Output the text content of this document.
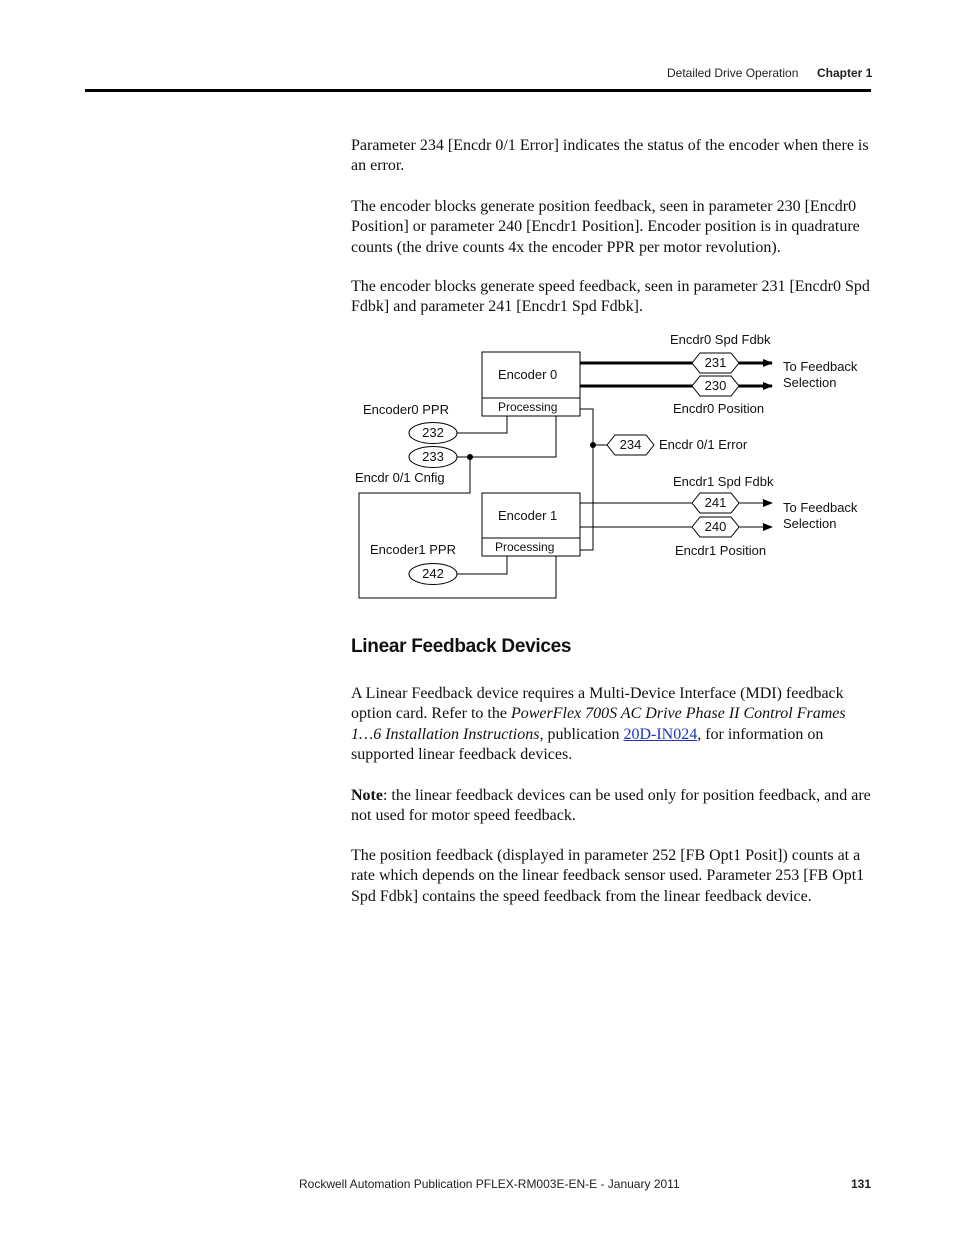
Detailed Drive Operation Chapter 1

Parameter 234 [Encdr 0/1 Error] indicates the status of the encoder when there is an error.

The encoder blocks generate position feedback, seen in parameter 230 [Encdr0 Position] or parameter 240 [Encdr1 Position]. Encoder position is in quadrature counts (the drive counts 4x the encoder PPR per motor revolution).

The encoder blocks generate speed feedback, seen in parameter 231 [Encdr0 Spd Fdbk] and parameter 241 [Encdr1 Spd Fdbk].

Encoder 0
Processing
Encoder 1
Processing
231
230
234
241
240
232
233
242
Encdr0 Spd Fdbk
Encdr0 Position
To Feedback
Selection
Encoder0 PPR
Encdr 0/1 Error
Encdr 0/1 Cnfig	Encdr1 Spd Fdbk
To Feedback
Selection
Encoder1 PPR	Encdr1 Position
Linear Feedback Devices

A Linear Feedback device requires a Multi-Device Interface (MDI) feedback option card. Refer to the PowerFlex 700S AC Drive Phase II Control Frames 1…6 Installation Instructions, publication 20D-IN024, for information on supported linear feedback devices.

Note: the linear feedback devices can be used only for position feedback, and are not used for motor speed feedback.

The position feedback (displayed in parameter 252 [FB Opt1 Posit]) counts at a rate which depends on the linear feedback sensor used. Parameter 253 [FB Opt1 Spd Fdbk] contains the speed feedback from the linear feedback device.

Rockwell Automation Publication PFLEX-RM003E-EN-E - January 2011	131
